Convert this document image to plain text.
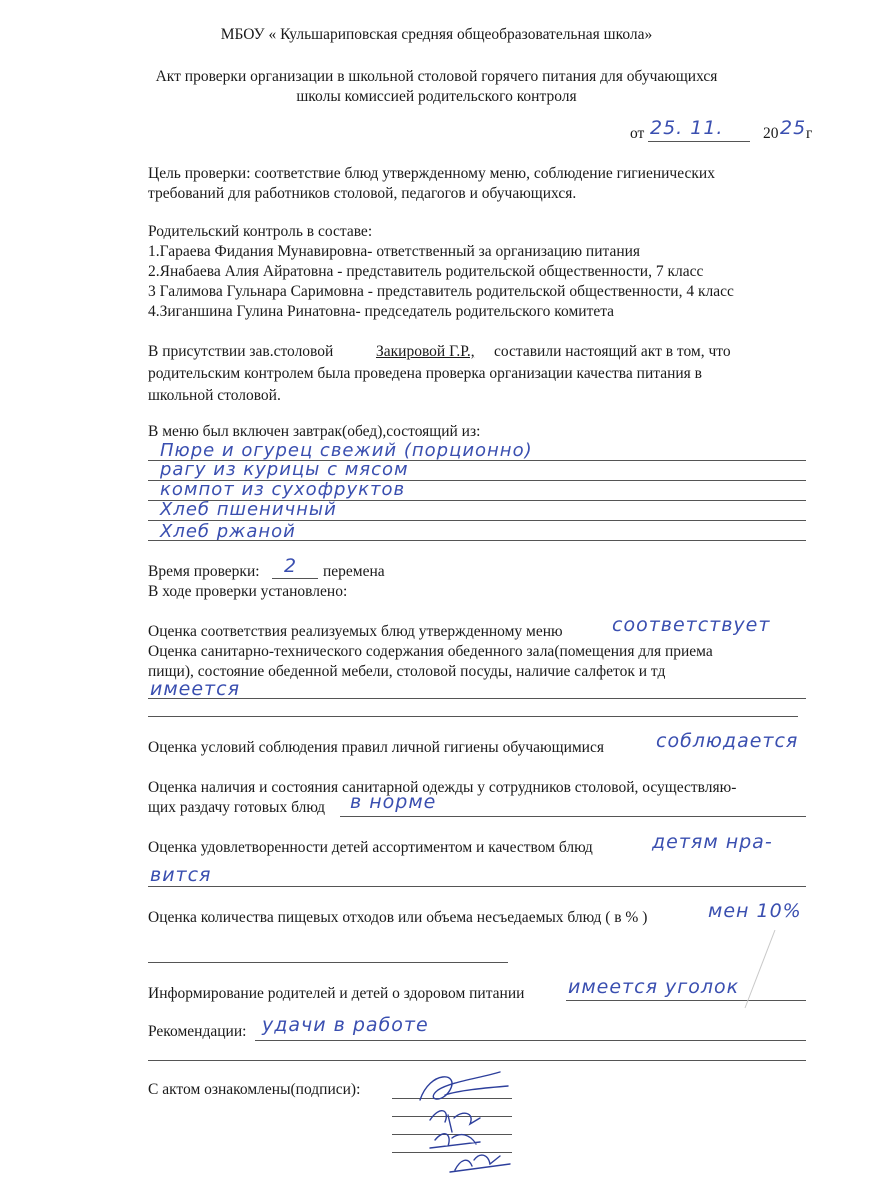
МБОУ « Кульшариповская средняя общеобразовательная школа»
Акт проверки организации в школьной столовой горячего питания для обучающихся
школы комиссией родительского контроля
от 25. 11.	20 25 г
Цель проверки: соответствие блюд утвержденному меню, соблюдение гигиенических
требований для работников столовой, педагогов и обучающихся.
Родительский контроль в составе:
1.Гараева Фидания Мунавировна- ответственный за организацию питания
2.Янабаева Алия Айратовна - представитель родительской общественности, 7 класс
3 Галимова Гульнара Саримовна - представитель родительской общественности, 4 класс
4.Зиганшина Гулина Ринатовна- председатель родительского комитета
В присутствии зав.столовой	Закировой Г.Р., составили настоящий акт в том, что
родительским контролем была проведена проверка организации качества питания в
школьной столовой.
В меню был включен завтрак(обед),состоящий из:
Пюре и огурец свежий (порционно)
рагу из курицы с мясом
компот из сухофруктов
Хлеб пшеничный
Хлеб ржаной
Время проверки: 2 перемена
В ходе проверки установлено:
Оценка соответствия реализуемых блюд утвержденному меню	соответствует
Оценка санитарно-технического содержания обеденного зала(помещения для приема
пищи), состояние обеденной мебели, столовой посуды, наличие салфеток и тд
имеется
Оценка условий соблюдения правил личной гигиены обучающимися	соблюдается
Оценка наличия и состояния санитарной одежды у сотрудников столовой, осуществляю-
щих раздачу готовых блюд в норме
Оценка удовлетворенности детей ассортиментом и качеством блюд	детям нра-
вится
Оценка количества пищевых отходов или объема несъедаемых блюд ( в % )	мен 10%
Информирование родителей и детей о здоровом питании имеется уголок
Рекомендации: удачи в работе
С актом ознакомлены(подписи):
